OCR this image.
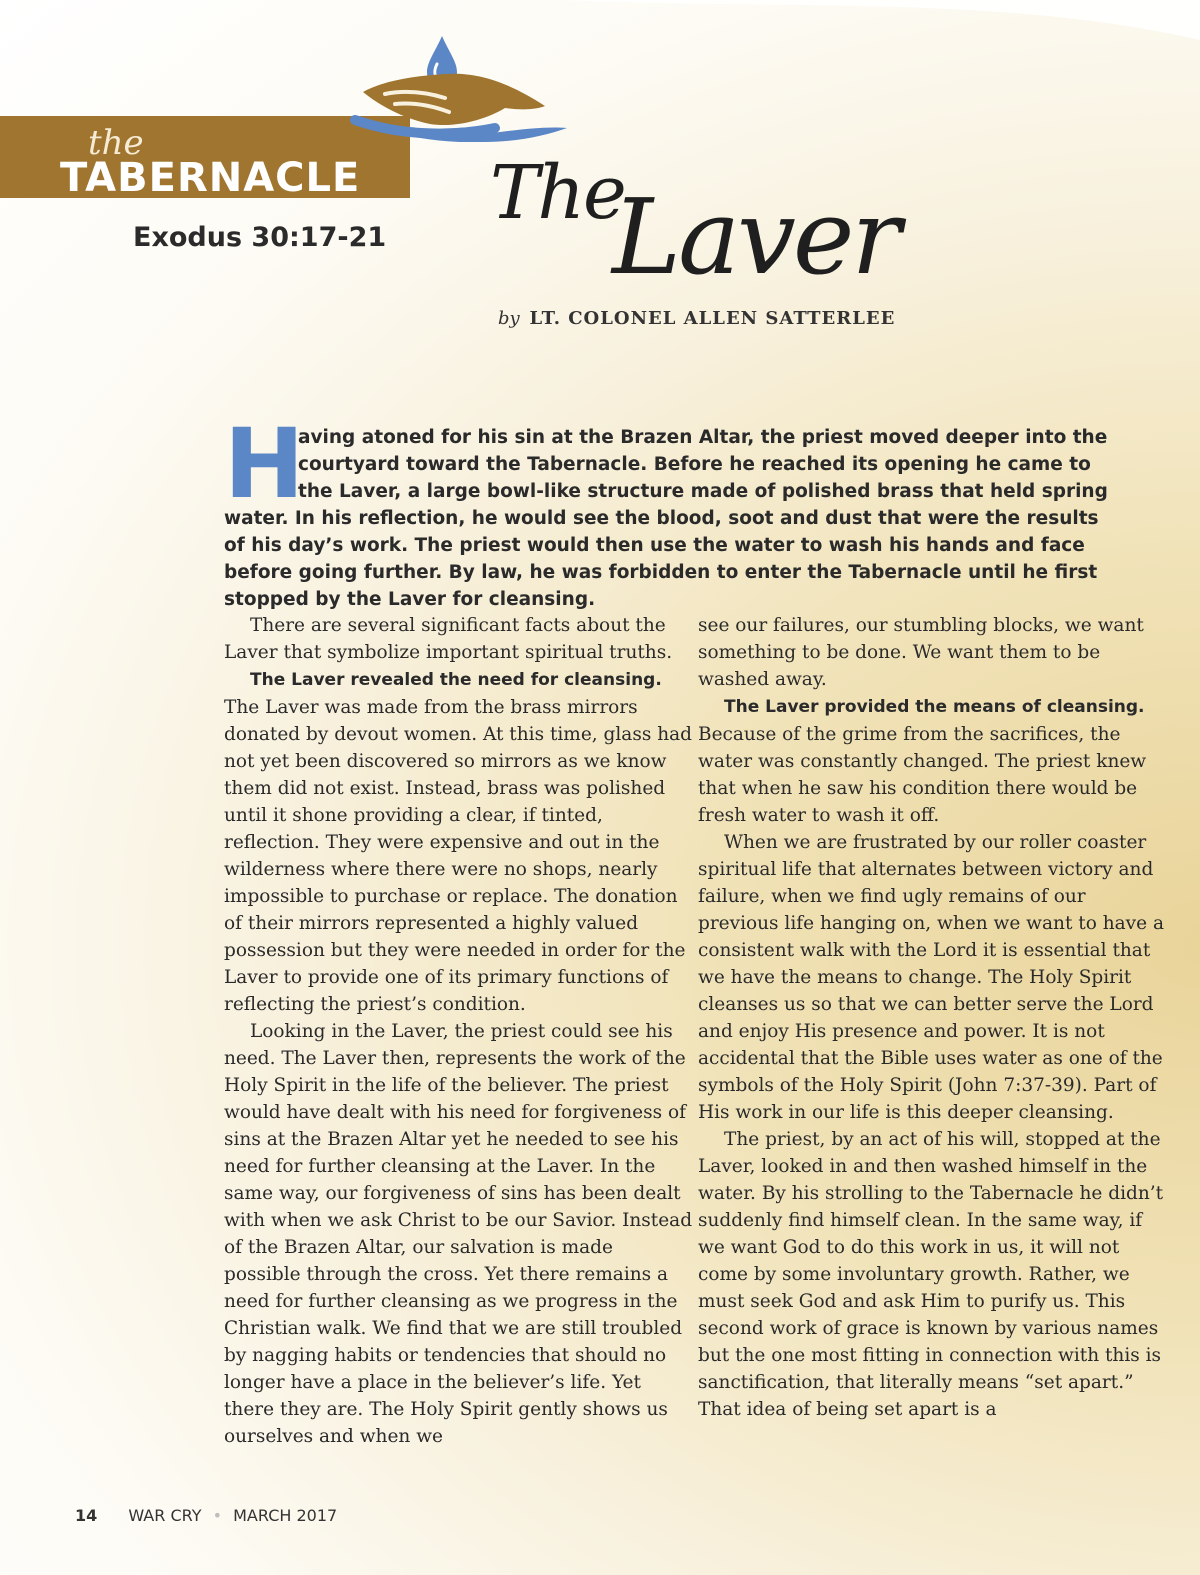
the
TABERNACLE
Exodus 30:17-21
The
Laver
by LT. COLONEL ALLEN SATTERLEE
H
aving atoned for his sin at the Brazen Altar, the priest moved deeper into the courtyard toward the Tabernacle. Before he reached its opening he came to the Laver, a large bowl-like structure made of polished brass that held spring water. In his reflection, he would see the blood, soot and dust that were the results of his day’s work. The priest would then use the water to wash his hands and face before going further. By law, he was forbidden to enter the Tabernacle until he first stopped by the Laver for cleansing.

There are several significant facts about the Laver that symbolize important spiritual truths.

The Laver revealed the need for cleansing.

The Laver was made from the brass mirrors donated by devout women. At this time, glass had not yet been discovered so mirrors as we know them did not exist. Instead, brass was polished until it shone providing a clear, if tinted, reflection. They were expensive and out in the wilderness where there were no shops, nearly impossible to purchase or replace. The donation of their mirrors represented a highly valued possession but they were needed in order for the Laver to provide one of its primary functions of reflecting the priest’s condition.

Looking in the Laver, the priest could see his need. The Laver then, represents the work of the Holy Spirit in the life of the believer. The priest would have dealt with his need for forgiveness of sins at the Brazen Altar yet he needed to see his need for further cleansing at the Laver. In the same way, our forgiveness of sins has been dealt with when we ask Christ to be our Savior. Instead of the Brazen Altar, our salvation is made possible through the cross. Yet there remains a need for further cleansing as we progress in the Christian walk. We find that we are still troubled by nagging habits or tendencies that should no longer have a place in the believer’s life. Yet there they are. The Holy Spirit gently shows us ourselves and when we

see our failures, our stumbling blocks, we want something to be done. We want them to be washed away.

The Laver provided the means of cleansing.

Because of the grime from the sacrifices, the water was constantly changed. The priest knew that when he saw his condition there would be fresh water to wash it off.

When we are frustrated by our roller coaster spiritual life that alternates between victory and failure, when we find ugly remains of our previous life hanging on, when we want to have a consistent walk with the Lord it is essential that we have the means to change. The Holy Spirit cleanses us so that we can better serve the Lord and enjoy His presence and power. It is not accidental that the Bible uses water as one of the symbols of the Holy Spirit (John 7:37-39). Part of His work in our life is this deeper cleansing.

The priest, by an act of his will, stopped at the Laver, looked in and then washed himself in the water. By his strolling to the Tabernacle he didn’t suddenly find himself clean. In the same way, if we want God to do this work in us, it will not come by some involuntary growth. Rather, we must seek God and ask Him to purify us. This second work of grace is known by various names but the one most fitting in connection with this is sanctification, that literally means “set apart.” That idea of being set apart is a

14 WAR CRY • MARCH 2017
